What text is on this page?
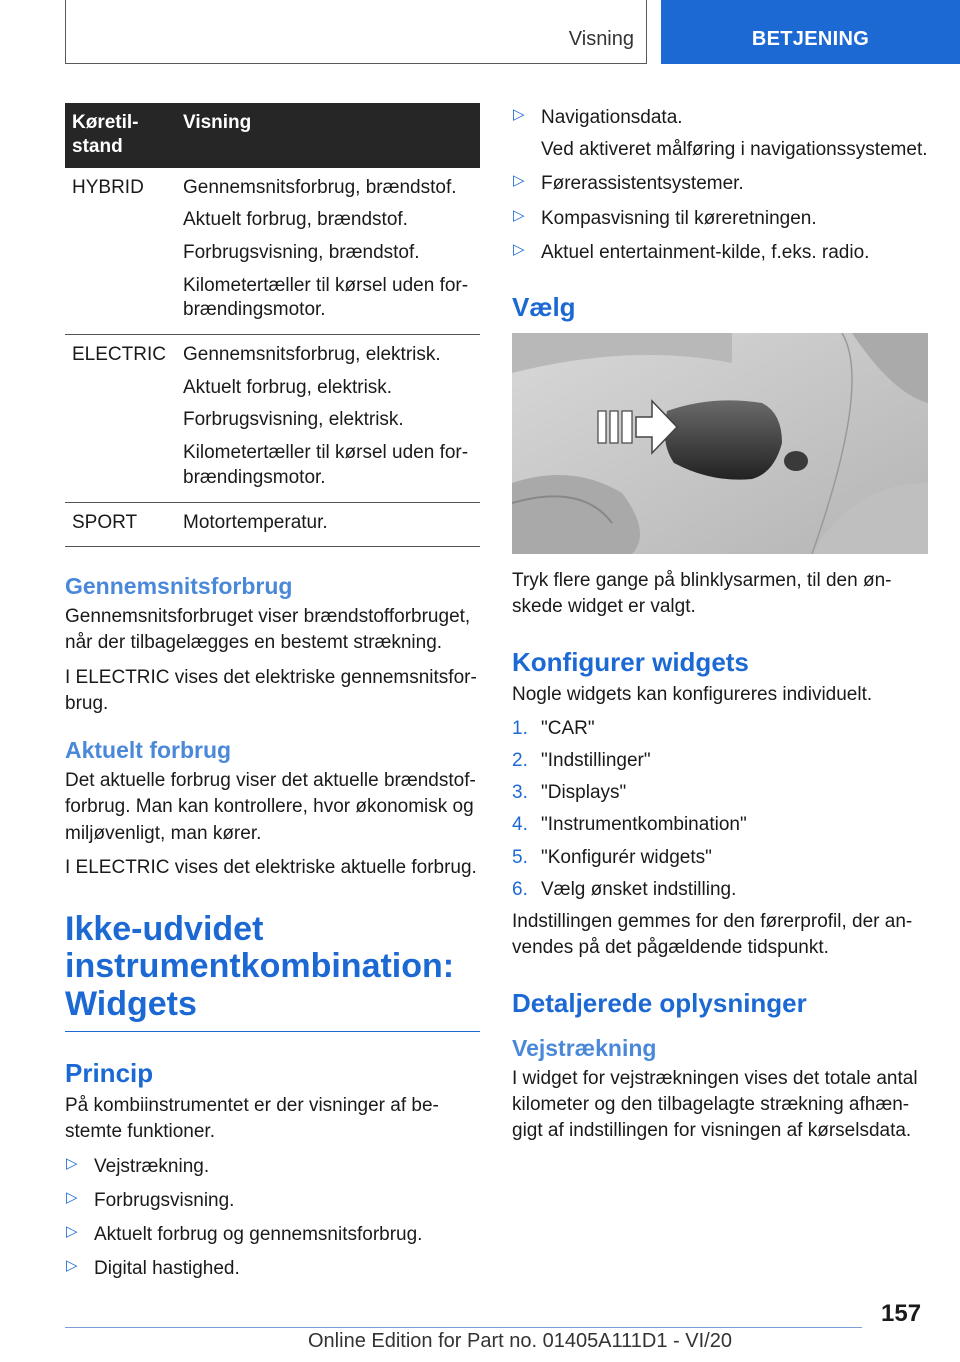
Visning	BETJENING
Køretil-
stand	Visning
HYBRID	Gennemsnitsforbrug, brændstof.

Aktuelt forbrug, brændstof.

Forbrugsvisning, brændstof.

Kilometertæller til kørsel uden for-brændingsmotor.

ELECTRIC	Gennemsnitsforbrug, elektrisk.

Aktuelt forbrug, elektrisk.

Forbrugsvisning, elektrisk.

Kilometertæller til kørsel uden for-brændingsmotor.

SPORT	Motortemperatur.

Gennemsnitsforbrug

Gennemsnitsforbruget viser brændstofforbruget, når der tilbagelægges en bestemt strækning.

I ELECTRIC vises det elektriske gennemsnitsfor-brug.

Aktuelt forbrug

Det aktuelle forbrug viser det aktuelle brændstof-forbrug. Man kan kontrollere, hvor økonomisk og miljøvenligt, man kører.

I ELECTRIC vises det elektriske aktuelle forbrug.

Ikke-udvidet instrumentkombination: Widgets
Princip

På kombiinstrumentet er der visninger af be-stemte funktioner.

▷ Vejstrækning.
▷ Forbrugsvisning.
▷ Aktuelt forbrug og gennemsnitsforbrug.
▷ Digital hastighed.
▷ Navigationsdata.
Ved aktiveret målføring i navigationssystemet.
▷ Førerassistentsystemer.
▷ Kompasvisning til køreretningen.
▷ Aktuel entertainment-kilde, f.eks. radio.
Vælg

Tryk flere gange på blinklysarmen, til den øn-skede widget er valgt.

Konfigurer widgets

Nogle widgets kan konfigureres individuelt.

1. "CAR"
2. "Indstillinger"
3. "Displays"
4. "Instrumentkombination"
5. "Konfigurér widgets"
6. Vælg ønsket indstilling.

Indstillingen gemmes for den førerprofil, der an-vendes på det pågældende tidspunkt.

Detaljerede oplysninger
Vejstrækning

I widget for vejstrækningen vises det totale antal kilometer og den tilbagelagte strækning afhæn-gigt af indstillingen for visningen af kørselsdata.

157
Online Edition for Part no. 01405A111D1 - VI/20
